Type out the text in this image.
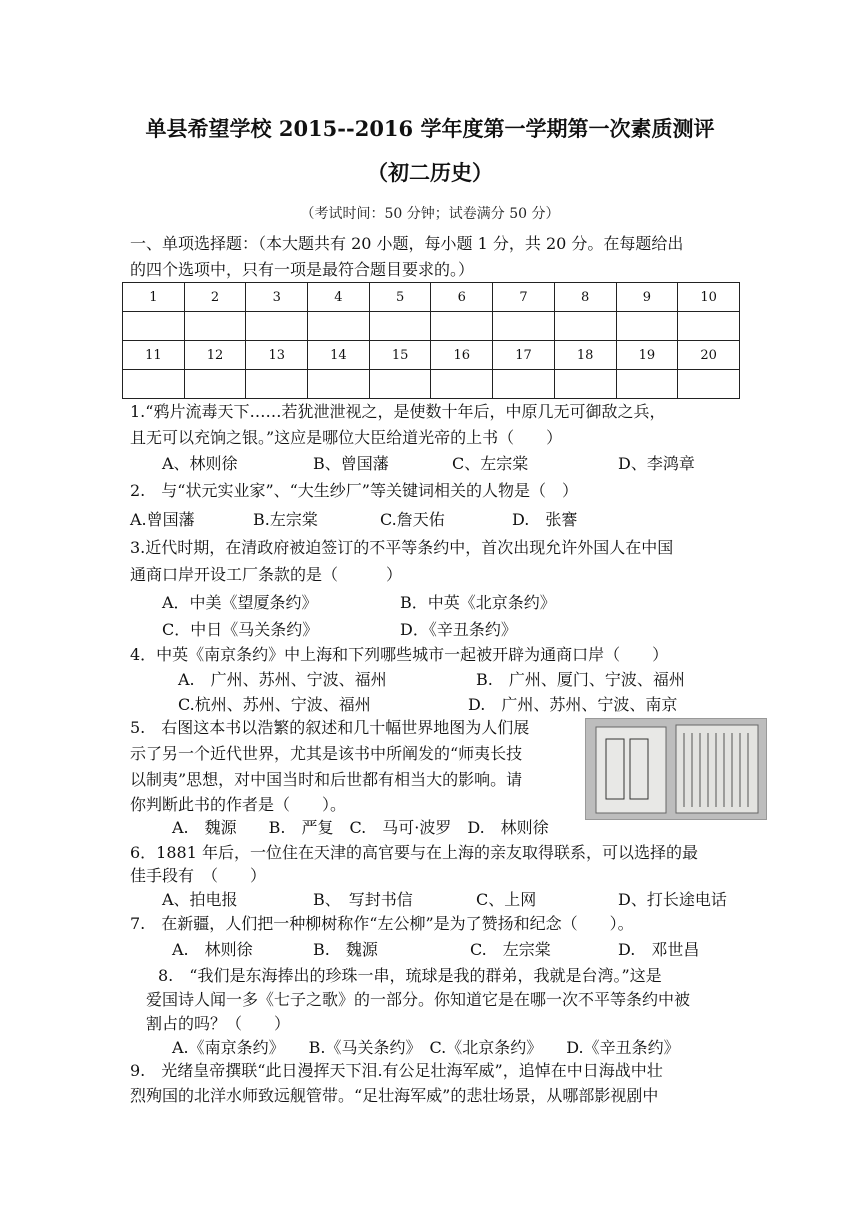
单县希望学校 2015--2016 学年度第一学期第一次素质测评
（初二历史）
（考试时间：50 分钟；试卷满分 50 分）
一、单项选择题：（本大题共有 20 小题，每小题 1 分，共 20 分。在每题给出
的四个选项中，只有一项是最符合题目要求的。）
1	2	3	4	5	6	7	8	9	10

11	12	13	14	15	16	17	18	19	20

1.“鸦片流毒天下……若犹泄泄视之，是使数十年后，中原几无可御敌之兵，
且无可以充饷之银。”这应是哪位大臣给道光帝的上书（　　）
A、林则徐	B、曾国藩	C、左宗棠	D、李鸿章
2.　与“状元实业家”、“大生纱厂”等关键词相关的人物是（　）
A.曾国藩	B.左宗棠	C.詹天佑	D.　张謇
3.近代时期，在清政府被迫签订的不平等条约中，首次出现允许外国人在中国
通商口岸开设工厂条款的是（　　　）
A．中美《望厦条约》	B．中英《北京条约》
C．中日《马关条约》	D．《辛丑条约》
4．中英《南京条约》中上海和下列哪些城市一起被开辟为通商口岸（　　）
A.　广州、苏州、宁波、福州	B.　广州、厦门、宁波、福州
C.杭州、苏州、宁波、福州	D.　广州、苏州、宁波、南京
5.　右图这本书以浩繁的叙述和几十幅世界地图为人们展
示了另一个近代世界，尤其是该书中所阐发的“师夷长技
以制夷”思想，对中国当时和后世都有相当大的影响。请
你判断此书的作者是（　　）。
A.　魏源　　B.　严复　C.　马可·波罗　D.　林则徐
6．1881 年后，一位住在天津的高官要与在上海的亲友取得联系，可以选择的最
佳手段有　（　　）
A、拍电报	B、　写封书信	C、上网	D、打长途电话
7.　在新疆，人们把一种柳树称作“左公柳”是为了赞扬和纪念（　　）。
A.　林则徐	B.　魏源	C.　左宗棠	D.　邓世昌
8.　“我们是东海捧出的珍珠一串，琉球是我的群弟，我就是台湾。”这是
爱国诗人闻一多《七子之歌》的一部分。你知道它是在哪一次不平等条约中被
割占的吗？（　　）
A.《南京条约》　　B.《马关条约》　C.《北京条约》　　D.《辛丑条约》
9.　光绪皇帝撰联“此日漫挥天下泪.有公足壮海军威”，追悼在中日海战中壮
烈殉国的北洋水师致远舰管带。“足壮海军威”的悲壮场景，从哪部影视剧中
